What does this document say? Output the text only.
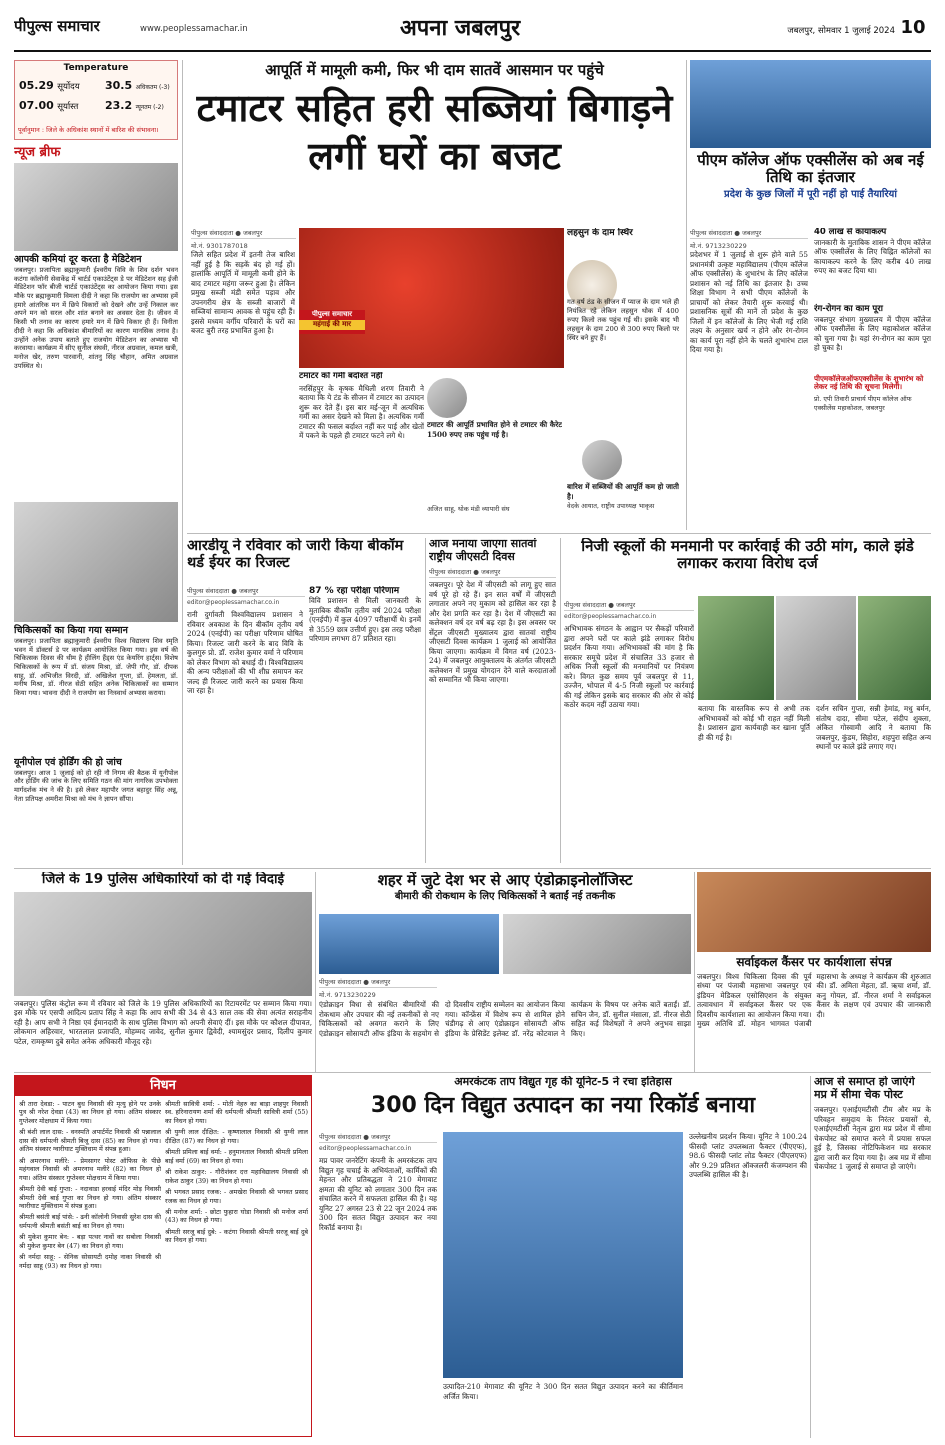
पीपुल्स समाचार	www.peoplessamachar.in	अपना जबलपुर	जबलपुर, सोमवार 1 जुलाई 2024 10
Temperature
05.29 सूर्योदय
07.00 सूर्यास्त
30.5 अधिकतम (-3)
23.2 न्यूनतम (-2)
पूर्वानुमान : जिले के अधिकांश स्थानों में बारिश की संभावना।
न्यूज ब्रीफ
आपकी कमियां दूर करता है मेडिटेशन
जबलपुर। प्रजापिता ब्रह्माकुमारी ईश्वरीय विवि के शिव दर्शन भवन कटंगा कॉलोनी सेवाकेंद्र में चार्टर्ड एकाउंटेंट्स डे पर मेडिटेशन सह ईजी मेडिटेशन फॉर बीजी चार्टर्ड एकाउंटेंट्स का आयोजन किया गया। इस मौके पर ब्रह्माकुमारी विमला दीदी ने कहा कि राजयोग का अभ्यास हमें हमारे आंतरिक मन में छिपे विकारों को देखने और उन्हें निकाल कर अपने मन को सरल और शांत बनाने का अवसर देता है। जीवन में किसी भी तनाव का कारण हमारे मन में छिपे विकार ही हैं। विनीता दीदी ने कहा कि अधिकांश बीमारियों का कारण मानसिक तनाव है। उन्होंने अनेक उपाय बताते हुए राजयोग मेडिटेशन का अभ्यास भी करवाया। कार्यक्रम में सीए सुनील संघवी, नीरज अग्रवाल, कमल खत्री, मनोज खेर, तरुण पारवानी, शांतनु सिंह चौहान, अमित अग्रवाल उपस्थित थे।
चिकित्सकों का किया गया सम्मान
जबलपुर। प्रजापिता ब्रह्माकुमारी ईश्वरीय विश्व विद्यालय शिव स्मृति भवन में डॉक्टर्स डे पर कार्यक्रम आयोजित किया गया। इस वर्ष की चिकित्सक दिवस की थीम है हीलिंग हैंड्स एंड केयरिंग हार्ट्स। विशेष चिकित्सकों के रूप में डॉ. संजय मिश्रा, डॉ. जेपी गौर, डॉ. दीपक साहू, डॉ. अभिजीत विरदी, डॉ. अखिलेश गुप्ता, डॉ. हेमलता, डॉ. मनीष मिश्रा, डॉ. नीरज सेठी सहित अनेक चिकित्सकों का सम्मान किया गया। भावना दीदी ने राजयोग का निःस्वार्थ अभ्यास कराया।
यूनीपोल एवं होर्डिंग की हो जांच
जबलपुर। आज 1 जुलाई को हो रही नौ निगम की बैठक में यूनीपोल और होर्डिंग की जांच के लिए समिति गठन की मांग नागरिक उपभोक्ता मार्गदर्शक मंच ने की है। इसे लेकर महापौर जगत बहादुर सिंह अन्नू, नेता प्रतिपक्ष अमरीश मिश्रा को मंच ने ज्ञापन सौंपा।
आपूर्ति में मामूली कमी, फिर भी दाम सातवें आसमान पर पहुंचे
टमाटर सहित हरी सब्जियां बिगाड़ने लगीं घरों का बजट
पीपुल्स संवाददाता ● जबलपुर
मो.नं. 9301787018
जिले सहित प्रदेश में इतनी तेज बारिश नहीं हुई है कि सड़कें बंद हो गई हों। हालांकि आपूर्ति में मामूली कमी होने के बाद टमाटर महंगा जरूर हुआ है। लेकिन प्रमुख सब्जी मंडी समेत पड़ाव और उपनगरीय क्षेत्र के सब्जी बाजारों में सब्जियां सामान्य आवक से पहुंच रही हैं। इससे मध्यम वर्गीय परिवारों के घरों का बजट बुरी तरह प्रभावित हुआ है।
पीपुल्स समाचार
महंगाई की मार
टमाटर को गर्मी बर्दाश्त नहीं
नरसिंहपुर के कृषक मैथिली शरण तिवारी ने बताया कि ये टंड के सीजन में टमाटर का उत्पादन शुरू कर देते हैं। इस बार मई-जून में अत्यधिक गर्मी का असर देखने को मिला है। अत्यधिक गर्मी टमाटर की फसल बर्दाश्त नहीं कर पाई और खेतों में पकने के पहले ही टमाटर फटने लगे थे।
टमाटर की आपूर्ति प्रभावित होने से टमाटर की कैरेट 1500 रुपए तक पहुंच गई है।
अजित साहू, थोक मंडी व्यापारी संघ
लहसुन के दाम स्थिर
गत वर्ष ठंड के सीजन में प्याज के दाम भले ही नियंत्रित रहे लेकिन लहसुन थोक में 400 रुपए किलो तक पहुंच गई थी। इसके बाद भी लहसुन के दाम 200 से 300 रुपए किलो पर स्थिर बने हुए हैं।
बारिश में सब्जियों की आपूर्ति कम हो जाती है।
वेदके आयात, राष्ट्रीय उपाध्यक्ष भाकृस
पीएम कॉलेज ऑफ एक्सीलेंस को अब नई तिथि का इंतजार
प्रदेश के कुछ जिलों में पूरी नहीं हो पाई तैयारियां
पीपुल्स संवाददाता ● जबलपुर
मो.नं. 9713230229
प्रदेशभर में 1 जुलाई से शुरू होने वाले 55 प्रधानमंत्री उत्कृष्ट महाविद्यालय (पीएम कॉलेज ऑफ एक्सीलेंस) के शुभारंभ के लिए कॉलेज प्रशासन को नई तिथि का इंतजार है। उच्च शिक्षा विभाग ने सभी पीएम कॉलेजों के प्राचार्यों को लेकर तैयारी शुरू करवाई थी। प्रशासनिक सूत्रों की मानें तो प्रदेश के कुछ जिलों में इन कॉलेजों के लिए भेजी गई राशि लक्ष्य के अनुसार खर्च न होने और रंग-रोगन का कार्य पूरा नहीं होने के चलते शुभारंभ टाल दिया गया है।
40 लाख से कायाकल्प
जानकारी के मुताबिक शासन ने पीएम कॉलेज ऑफ एक्सीलेंस के लिए चिह्नित कॉलेजों का कायाकल्प करने के लिए करीब 40 लाख रुपए का बजट दिया था।
रंग-रोगन का काम पूरा
जबलपुर संभाग मुख्यालय में पीएम कॉलेज ऑफ एक्सीलेंस के लिए महाकोशल कॉलेज को चुना गया है। यहां रंग-रोगन का काम पूरा हो चुका है।
पीएमकॉलेजऑफएक्सीलेंस के शुभारंभ को लेकर नई तिथि की सूचना मिलेगी।
प्रो. एपी तिवारी प्राचार्य पीएम कॉलेज ऑफ एक्सीलेंस महाकोशल, जबलपुर
आरडीयू ने रविवार को जारी किया बीकॉम थर्ड ईयर का रिजल्ट
पीपुल्स संवाददाता ● जबलपुर
editor@peoplessamachar.co.in
रानी दुर्गावती विश्वविद्यालय प्रशासन ने रविवार अवकाश के दिन बीकॉम तृतीय वर्ष 2024 (एनईपी) का परीक्षा परिणाम घोषित किया। रिजल्ट जारी करने के बाद विवि के कुलगुरु प्रो. डॉ. राजेश कुमार वर्मा ने परिणाम को लेकर विभाग को बधाई दी। विश्वविद्यालय की अन्य परीक्षाओं की भी शीघ्र समापन कर जल्द ही रिजल्ट जारी करने का प्रयास किया जा रहा है।
87 % रहा परीक्षा परिणाम
विवि प्रशासन से मिली जानकारी के मुताबिक बीकॉम तृतीय वर्ष 2024 परीक्षा (एनईपी) में कुल 4097 परीक्षार्थी थे। इनमें से 3559 छात्र उत्तीर्ण हुए। इस तरह परीक्षा परिणाम लगभग 87 प्रतिशत रहा।
आज मनाया जाएगा सातवां राष्ट्रीय जीएसटी दिवस
पीपुल्स संवाददाता ● जबलपुर
जबलपुर। पूरे देश में जीएसटी को लागू हुए सात वर्ष पूरे हो रहे हैं। इन सात वर्षों में जीएसटी लगातार अपने नए मुकाम को हासिल कर रहा है और देश प्रगति कर रहा है। देश में जीएसटी का कलेक्शन वर्ष दर वर्ष बढ़ रहा है। इस अवसर पर सेंट्रल जीएसटी मुख्यालय द्वारा सातवां राष्ट्रीय जीएसटी दिवस कार्यक्रम 1 जुलाई को आयोजित किया जाएगा। कार्यक्रम में विगत वर्ष (2023-24) में जबलपुर आयुक्तालय के अंतर्गत जीएसटी कलेक्शन में प्रमुख योगदान देने वाले करदाताओं को सम्मानित भी किया जाएगा।
निजी स्कूलों की मनमानी पर कार्रवाई की उठी मांग, काले झंडे लगाकर कराया विरोध दर्ज
पीपुल्स संवाददाता ● जबलपुर
editor@peoplessamachar.co.in
अभिभावक संगठन के आह्वान पर सैकड़ों परिवारों द्वारा अपने घरों पर काले झंडे लगाकर विरोध प्रदर्शन किया गया। अभिभावकों की मांग है कि सरकार समूचे प्रदेश में संचालित 33 हजार से अधिक निजी स्कूलों की मनमानियों पर नियंत्रण करे। विगत कुछ समय पूर्व जबलपुर से 11, उज्जैन, भोपाल में 4-5 निजी स्कूलों पर कार्रवाई की गई लेकिन इसके बाद सरकार की ओर से कोई कठोर कदम नहीं उठाया गया।	बताया कि वास्तविक रूप से अभी तक अभिभावकों को कोई भी राहत नहीं मिली है। प्रशासन द्वारा कार्यवाही कर खाना पूर्ति ही की गई है।
दर्शन सचिन गुप्ता, सन्नी हेमांड, मधु बर्मन, संतोष दादा, सीमा पटेल, संदीप शुक्ला, अंकित गोस्वामी आदि ने बताया कि जबलपुर, कुंडम, सिहोरा, शहपुरा सहित अन्य स्थानों पर काले झंडे लगाए गए।
जिले के 19 पुलिस अधिकारियों को दी गई विदाई
जबलपुर। पुलिस कंट्रोल रूम में रविवार को जिले के 19 पुलिस अधिकारियों का रिटायरमेंट पर सम्मान किया गया। इस मौके पर एसपी आदित्य प्रताप सिंह ने कहा कि आप सभी की 34 से 43 साल तक की सेवा अत्यंत सराहनीय रही है। आप सभी ने निष्ठा एवं ईमानदारी के साथ पुलिस विभाग को अपनी सेवाएं दीं। इस मौके पर कौशल दीपावत, लोकमान अहिरवार, भारतलाल प्रजापति, मोहम्मद जावेद, सुनील कुमार द्विवेदी, श्यामसुंदर प्रसाद, दिलीप कुमार पटेल, रामकृष्ण दुबे समेत अनेक अधिकारी मौजूद रहे।
शहर में जुटे देश भर से आए एंडोक्राइनोलॉजिस्ट
बीमारी की रोकथाम के लिए चिकित्सकों ने बताईं नई तकनीक
पीपुल्स संवाददाता ● जबलपुर
मो.नं. 9713230229
एंडोक्राइन विधा से संबंधित बीमारियों की रोकथाम और उपचार की नई तकनीकों से नए चिकित्सकों को अवगत कराने के लिए एंडोक्राइन सोसायटी ऑफ इंडिया के सहयोग से दो दिवसीय राष्ट्रीय सम्मेलन का आयोजन किया गया। कॉन्फ्रेंस में विशेष रूप से शामिल होने चंडीगढ़ से आए एंडोक्राइन सोसायटी ऑफ इंडिया के प्रेसिडेंट इलेक्ट डॉ. नरेंद्र कोटवाल ने कार्यक्रम के विषय पर अनेक बातें बताईं। डॉ. सचिन जैन, डॉ. सुनील मंसाला, डॉ. नीरज सेठी सहित कई विशेषज्ञों ने अपने अनुभव साझा किए।
सर्वाइकल कैंसर पर कार्यशाला संपन्न
जबलपुर। विश्व चिकित्सा दिवस की पूर्व संध्या पर पंजाबी महासभा जबलपुर एवं इंडियन मेडिकल एसोसिएशन के संयुक्त तत्वावधान में सर्वाइकल कैंसर पर एक दिवसीय कार्यशाला का आयोजन किया गया। मुख्य अतिथि डॉ. मोहन भागवत पंजाबी महासभा के अध्यक्ष ने कार्यक्रम की शुरुआत की। डॉ. अमिता मेहता, डॉ. ऋचा शर्मा, डॉ. कनु गोयल, डॉ. नीरज शर्मा ने सर्वाइकल कैंसर के लक्षण एवं उपचार की जानकारी दी।
निधन
श्री तारा देवडा: - पाटन बुध निवासी की मृत्यु होने पर उनके पुत्र श्री नरेश देवडा (43) का निधन हो गया। अंतिम संस्कार गुप्तेश्वर मोक्षधाम में किया गया।
श्री बंशी लाल दास: - वनस्पति अपार्टमेंट निवासी श्री पन्नालाल दास की धर्मपत्नी श्रीमती बिजू दास (85) का निधन हो गया। अंतिम संस्कार ग्वारीघाट मुक्तिधाम में संपन्न हुआ।
श्री अमरनाथ मलीरे: - प्रेमसागर पोस्ट ऑफिस के पीछे महंगवाल निवासी श्री अमरनाथ मलीरे (82) का निधन हो गया। अंतिम संस्कार गुप्तेश्वर मोक्षधाम में किया गया।
श्रीमती देवी बाई गुप्ता: - नदावाडा हरवाई मंदिर मोड़ निवासी श्रीमती देवी बाई गुप्ता का निधन हो गया। अंतिम संस्कार ग्वारीघाट मुक्तिधाम में संपन्न हुआ।
श्रीमती बसंती बाई पांसे: - ढनी कॉलोनी निवासी सुरेश दास की धर्मपत्नी श्रीमती बसंती बाई का निधन हो गया।
श्री मुकेश कुमार बेन: - बड़ा पत्थर नावों का सबोला निवासी श्री मुकेश कुमार बेन (47) का निधन हो गया।
श्री नर्मदा साहू: - सेनिक सोसायटी दमोह नाका निवासी श्री नर्मदा साहू (93) का निधन हो गया।
श्रीमती सावित्री शर्मा: - मोती नेहरु का बाड़ा शाहपुर निवासी स्व. हरिनारायण शर्मा की धर्मपत्नी श्रीमती सावित्री शर्मा (55) का निधन हो गया।
श्री युग्नी लाल दीक्षित: - कृष्णालाल निवासी श्री युग्नी लाल दीक्षित (87) का निधन हो गया।
श्रीमती प्रमिला बाई वर्मा: - हनुमानताल निवासी श्रीमती प्रमिला बाई वर्मा (69) का निधन हो गया।
श्री राकेश ठाकुर: - गौरीशंकर दत्त महाविद्यालय निवासी श्री राकेश ठाकुर (39) का निधन हो गया।
श्री भगवत प्रसाद रजक: - अमखेरा निवासी श्री भगवत प्रसाद रजक का निधन हो गया।
श्री मनोज शर्मा: - छोटा फुहारा घोडा निवासी श्री मनोज शर्मा (43) का निधन हो गया।
श्रीमती सरजू बाई दुबे: - कटंगा निवासी श्रीमती सरजू बाई दुबे का निधन हो गया।
अमरकंटक ताप विद्युत गृह की यूनिट-5 ने रचा इतिहास
300 दिन विद्युत उत्पादन का नया रिकॉर्ड बनाया
पीपुल्स संवाददाता ● जबलपुर
editor@peoplessamachar.co.in
मप्र पावर जनरेटिंग कंपनी के अमरकंटक ताप विद्युत गृह चचाई के अभियंताओं, कार्मिकों की मेहनत और प्रतिबद्धता ने 210 मेगावाट क्षमता की यूनिट को लगातार 300 दिन तक संचालित करने में सफलता हासिल की है। यह यूनिट 27 अगस्त 23 से 22 जून 2024 तक 300 दिन सतत विद्युत उत्पादन कर नया रिकॉर्ड बनाया है।
उत्पादित-210 मेगावाट की यूनिट ने 300 दिन सतत विद्युत उत्पादन करने का कीर्तिमान अर्जित किया।
उल्लेखनीय प्रदर्शन किया। यूनिट ने 100.24 फीसदी प्लांट उपलब्धता फैक्टर (पीएएफ), 98.6 फीसदी प्लांट लोड फैक्टर (पीएलएफ) और 9.29 प्रतिशत ऑक्जलरी कंजम्पशन की उपलब्धि हासिल की है।
आज से समाप्त हो जाएंगे मप्र में सीमा चेक पोस्ट
जबलपुर। एआईएमटीसी टीम और मप्र के परिवहन समुदाय के निरंतर प्रयासों से, एआईएमटीसी नेतृत्व द्वारा मप्र प्रदेश में सीमा चेकपोस्ट को समाप्त करने में प्रयास सफल हुई है, जिसका नोटिफिकेशन मप्र सरकार द्वारा जारी कर दिया गया है। अब मप्र में सीमा चेकपोस्ट 1 जुलाई से समाप्त हो जाएंगे।
